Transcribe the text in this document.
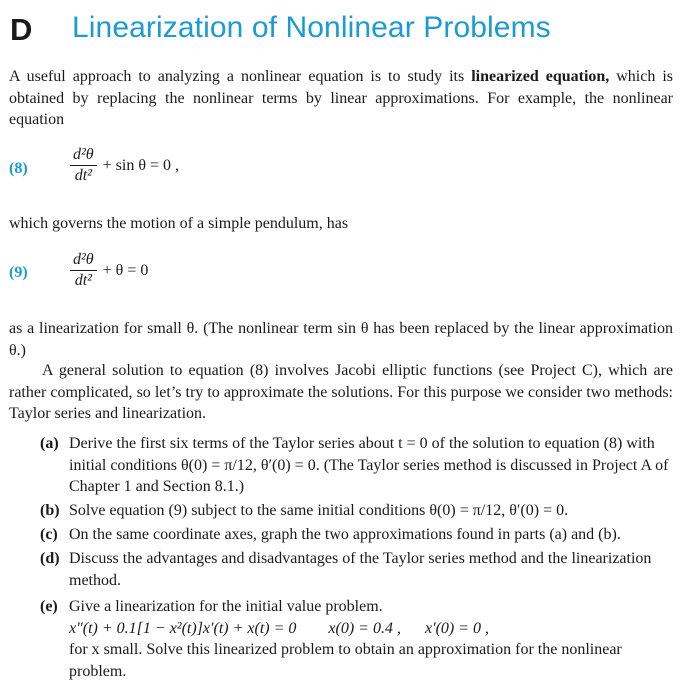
D Linearization of Nonlinear Problems
A useful approach to analyzing a nonlinear equation is to study its linearized equation, which is obtained by replacing the nonlinear terms by linear approximations. For example, the nonlinear equation
(8)	$\frac{\text{d²θ}}{\text{dt²}} + \sin \theta = 0$ ,
which governs the motion of a simple pendulum, has
(9)	$\frac{\text{d²θ}}{\text{dt²}} + \theta = 0$
as a linearization for small θ. (The nonlinear term sin θ has been replaced by the linear approximation θ.)
A general solution to equation (8) involves Jacobi elliptic functions (see Project C), which are rather complicated, so let’s try to approximate the solutions. For this purpose we consider two methods: Taylor series and linearization.
(a) Derive the first six terms of the Taylor series about t = 0 of the solution to equation (8) with initial conditions θ(0) = π/12, θ′(0) = 0. (The Taylor series method is discussed in Project A of Chapter 1 and Section 8.1.)
(b) Solve equation (9) subject to the same initial conditions θ(0) = π/12, θ′(0) = 0.
(c) On the same coordinate axes, graph the two approximations found in parts (a) and (b).
(d) Discuss the advantages and disadvantages of the Taylor series method and the linearization method.
(e) Give a linearization for the initial value problem.
x″(t) + 0.1[1 − x²(t)]x′(t) + x(t) = 0        x(0) = 0.4 ,      x′(0) = 0 ,
for x small. Solve this linearized problem to obtain an approximation for the nonlinear problem.
